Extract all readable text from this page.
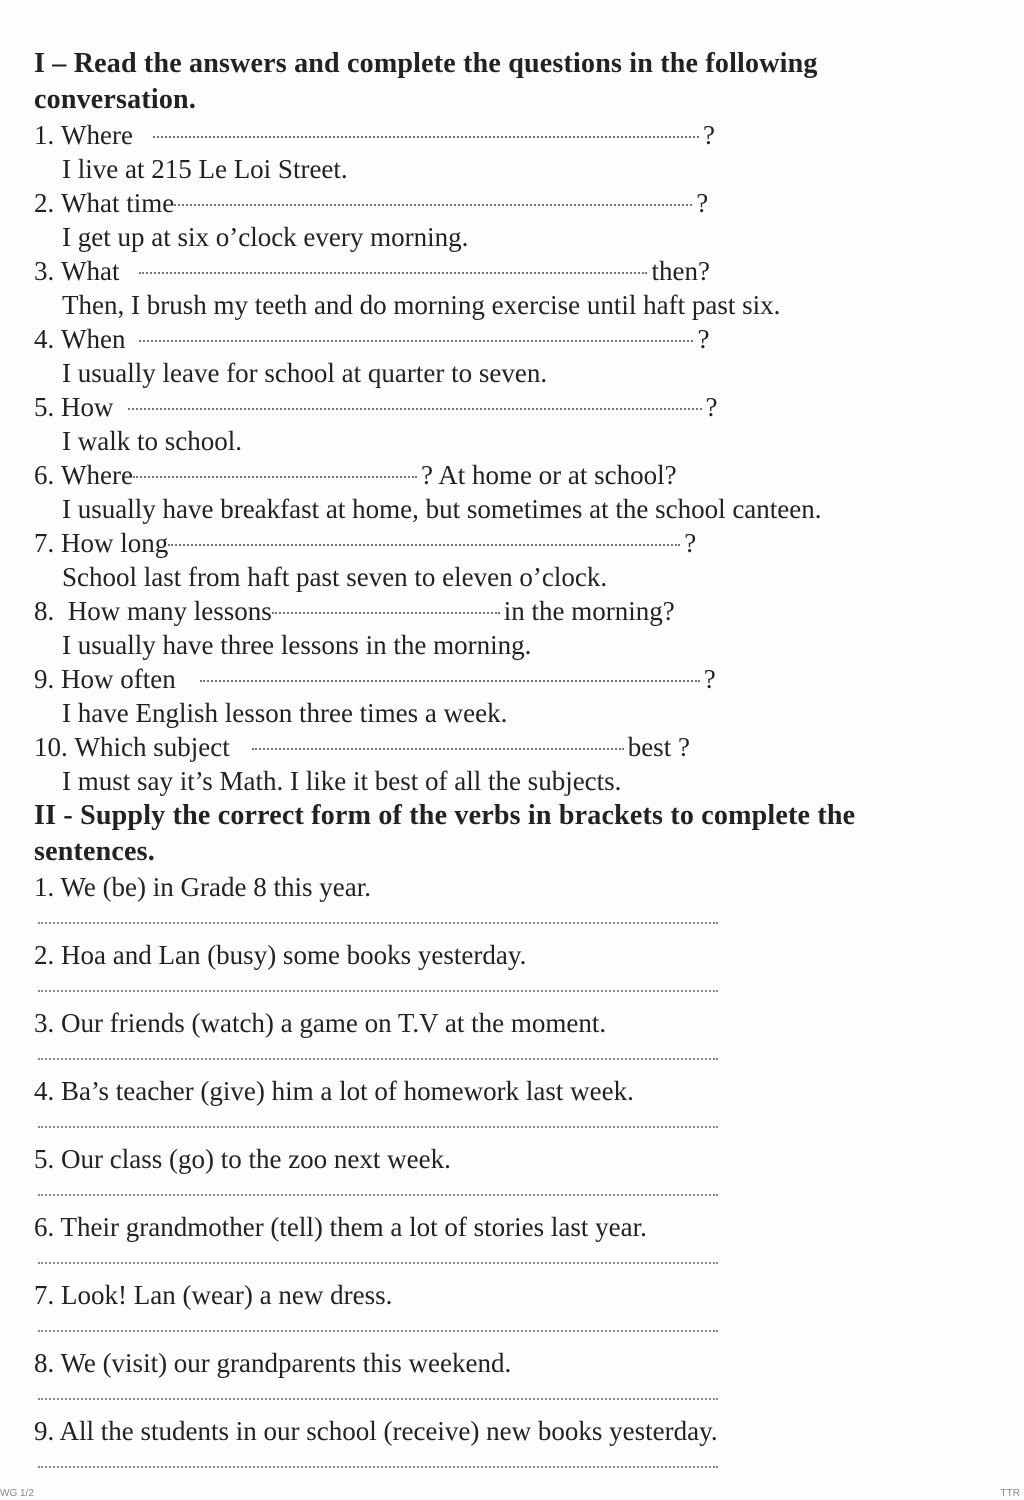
I – Read the answers and complete the questions in the following

conversation.

1.
Where	?
I live at 215 Le Loi Street.
2.
What time	?
I get up at six o’clock every morning.
3.
What	then?
Then, I brush my teeth and do morning exercise until haft past six.
4.
When	?
I usually leave for school at quarter to seven.
5.
How	?
I walk to school.
6.
Where	? At home or at school?
I usually have breakfast at home, but sometimes at the school canteen.
7.
How long	?
School last from haft past seven to eleven o’clock.
8.
How many lessons	in the morning?
I usually have three lessons in the morning.
9.
How often	?
I have English lesson three times a week.
10.
Which subject	best ?
I must say it’s Math. I like it best of all the subjects.

II - Supply the correct form of the verbs in brackets to complete the

sentences.

1. We (be) in Grade 8 this year.
2. Hoa and Lan (busy) some books yesterday.
3. Our friends (watch) a game on T.V at the moment.
4. Ba’s teacher (give) him a lot of homework last week.
5. Our class (go) to the zoo next week.
6. Their grandmother (tell) them a lot of stories last year.
7. Look! Lan (wear) a new dress.
8. We (visit) our grandparents this weekend.
9. All the students in our school (receive) new books yesterday.
WG 1/2	TTR
